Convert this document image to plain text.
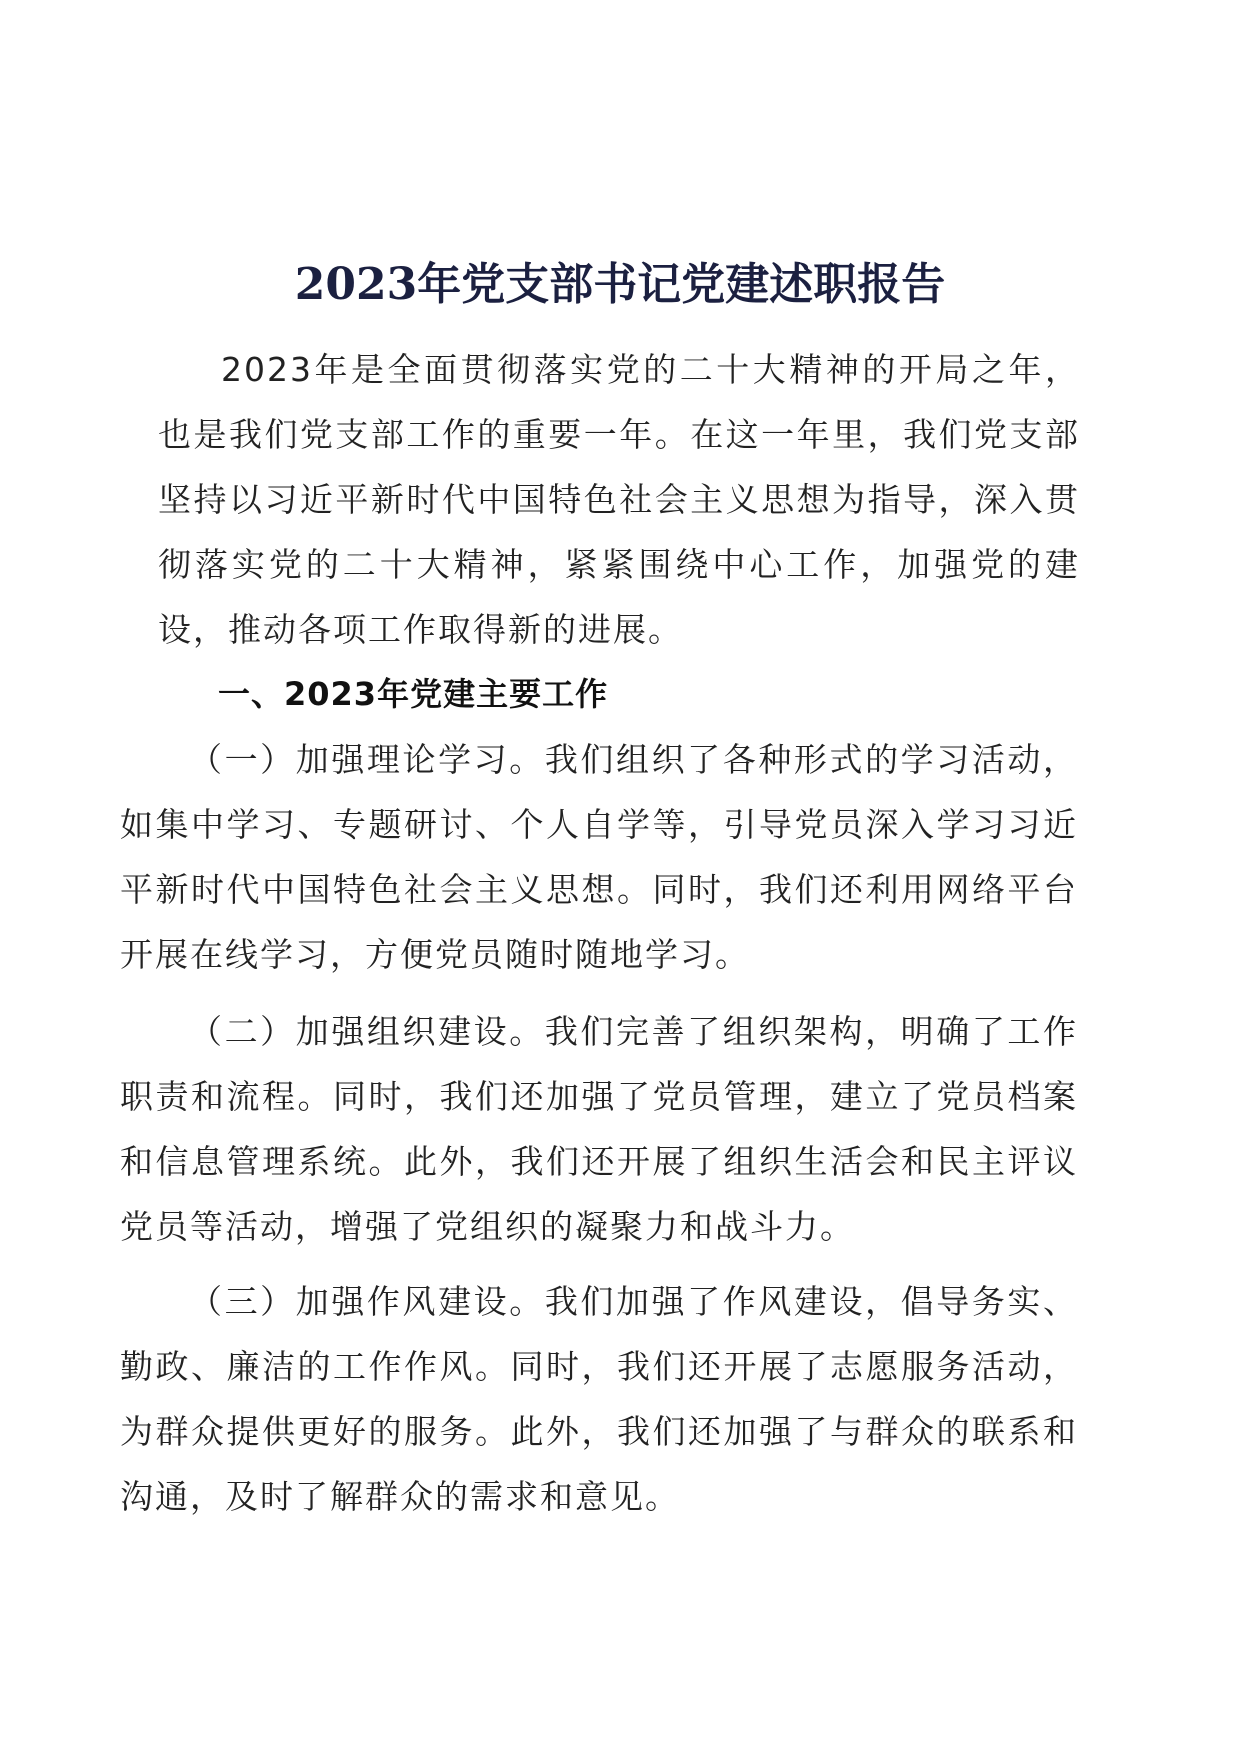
2023年党支部书记党建述职报告

2023年是全面贯彻落实党的二十大精神的开局之年，也是我们党支部工作的重要一年。在这一年里，我们党支部坚持以习近平新时代中国特色社会主义思想为指导，深入贯彻落实党的二十大精神，紧紧围绕中心工作，加强党的建设，推动各项工作取得新的进展。

一、2023年党建主要工作

（一）加强理论学习。我们组织了各种形式的学习活动，如集中学习、专题研讨、个人自学等，引导党员深入学习习近平新时代中国特色社会主义思想。同时，我们还利用网络平台开展在线学习，方便党员随时随地学习。

（二）加强组织建设。我们完善了组织架构，明确了工作职责和流程。同时，我们还加强了党员管理，建立了党员档案和信息管理系统。此外，我们还开展了组织生活会和民主评议党员等活动，增强了党组织的凝聚力和战斗力。

（三）加强作风建设。我们加强了作风建设，倡导务实、勤政、廉洁的工作作风。同时，我们还开展了志愿服务活动，为群众提供更好的服务。此外，我们还加强了与群众的联系和沟通，及时了解群众的需求和意见。
